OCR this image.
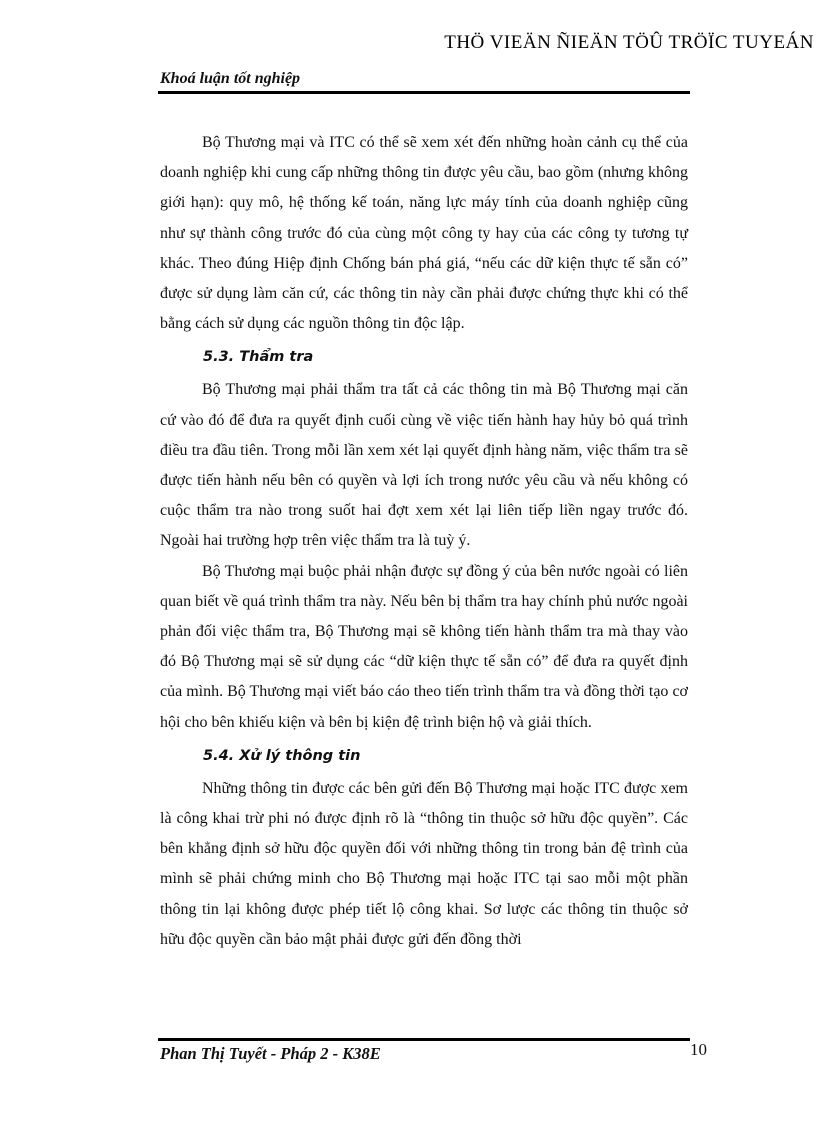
THÖ VIEÄN ÑIEÄN TÖÛ TRÖÏC TUYEÁN
Khoá luận tốt nghiệp

Bộ Thương mại và ITC có thể sẽ xem xét đến những hoàn cảnh cụ thể của doanh nghiệp khi cung cấp những thông tin được yêu cầu, bao gồm (nhưng không giới hạn): quy mô, hệ thống kế toán, năng lực máy tính của doanh nghiệp cũng như sự thành công trước đó của cùng một công ty hay của các công ty tương tự khác. Theo đúng Hiệp định Chống bán phá giá, “nếu các dữ kiện thực tế sẵn có” được sử dụng làm căn cứ, các thông tin này cần phải được chứng thực khi có thể bằng cách sử dụng các nguồn thông tin độc lập.

5.3. Thẩm tra

Bộ Thương mại phải thẩm tra tất cả các thông tin mà Bộ Thương mại căn cứ vào đó để đưa ra quyết định cuối cùng về việc tiến hành hay hủy bỏ quá trình điều tra đầu tiên. Trong mỗi lần xem xét lại quyết định hàng năm, việc thẩm tra sẽ được tiến hành nếu bên có quyền và lợi ích trong nước yêu cầu và nếu không có cuộc thẩm tra nào trong suốt hai đợt xem xét lại liên tiếp liền ngay trước đó. Ngoài hai trường hợp trên việc thẩm tra là tuỳ ý.

Bộ Thương mại buộc phải nhận được sự đồng ý của bên nước ngoài có liên quan biết về quá trình thẩm tra này. Nếu bên bị thẩm tra hay chính phủ nước ngoài phản đối việc thẩm tra, Bộ Thương mại sẽ không tiến hành thẩm tra mà thay vào đó Bộ Thương mại sẽ sử dụng các “dữ kiện thực tế sẵn có” để đưa ra quyết định của mình. Bộ Thương mại viết báo cáo theo tiến trình thẩm tra và đồng thời tạo cơ hội cho bên khiếu kiện và bên bị kiện đệ trình biện hộ và giải thích.

5.4. Xử lý thông tin

Những thông tin được các bên gửi đến Bộ Thương mại hoặc ITC được xem là công khai trừ phi nó được định rõ là “thông tin thuộc sở hữu độc quyền”. Các bên khẳng định sở hữu độc quyền đối với những thông tin trong bản đệ trình của mình sẽ phải chứng minh cho Bộ Thương mại hoặc ITC tại sao mỗi một phần thông tin lại không được phép tiết lộ công khai. Sơ lược các thông tin thuộc sở hữu độc quyền cần bảo mật phải được gửi đến đồng thời

Phan Thị Tuyết - Pháp 2 - K38E	10
